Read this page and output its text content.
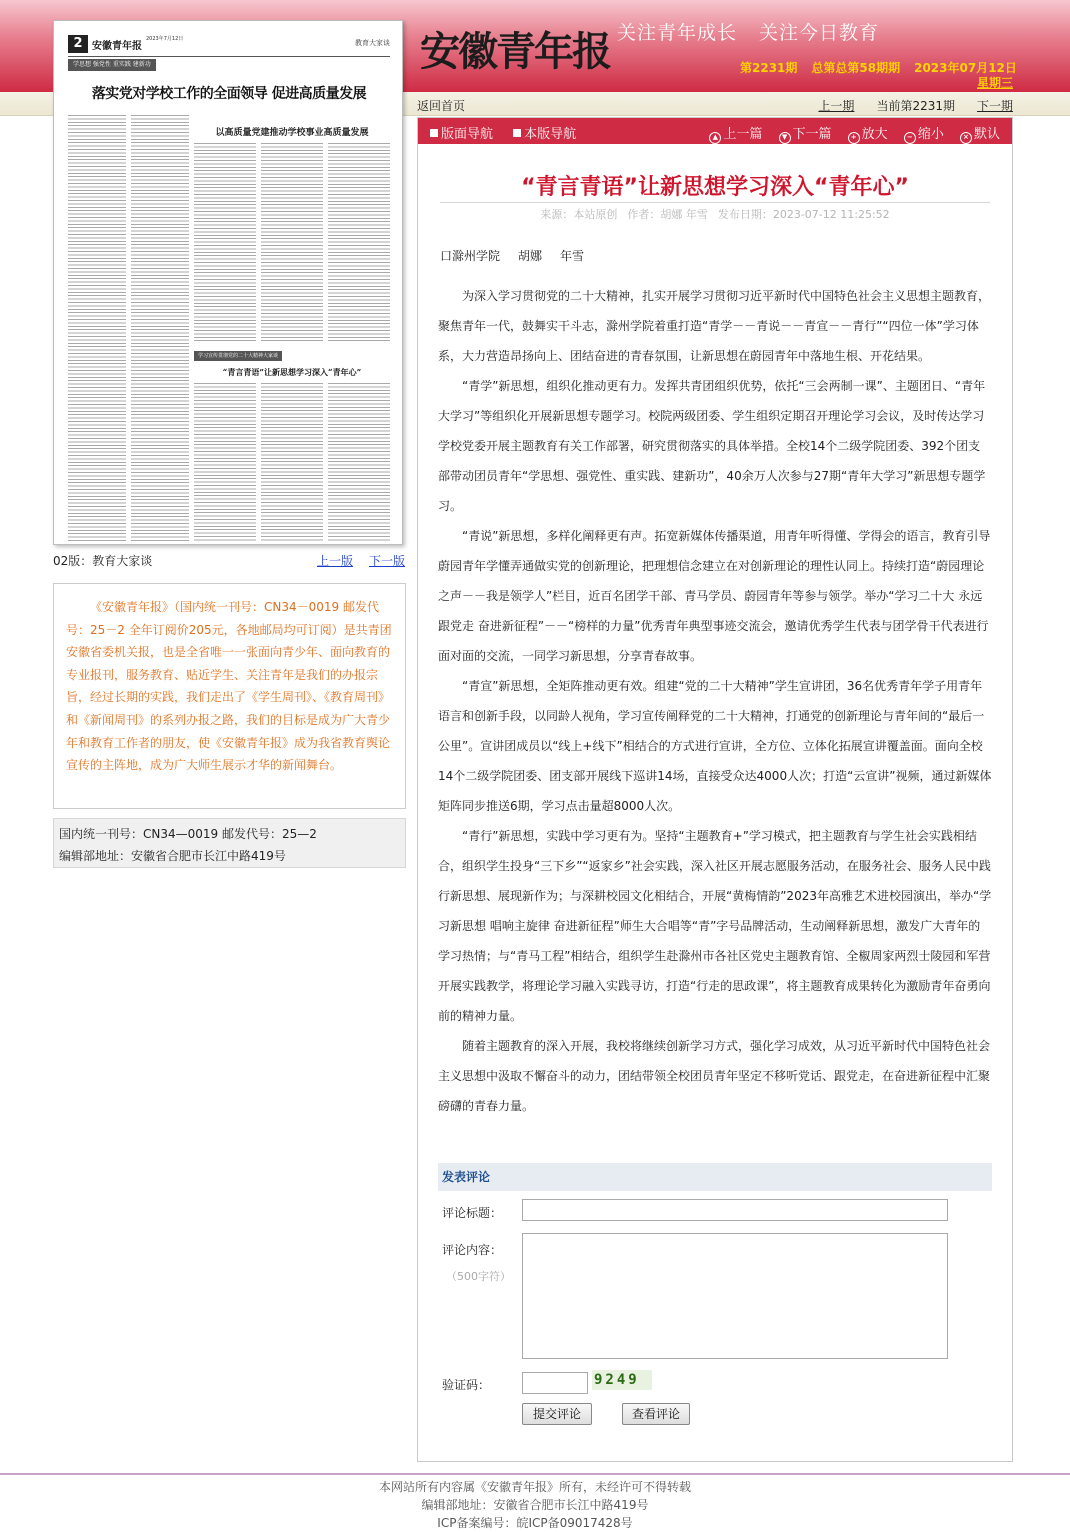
安徽青年报 关注青年成长 关注今日教育
第2231期 总第总第58期期 2023年07月12日
星期三
返回首页	上一期 当前第2231期 下一期
2 安徽青年报
2023年7月12日	教育大家谈
学思想 强党性 重实践 建新功
落实党对学校工作的全面领导 促进高质量发展
以高质量党建推动学校事业高质量发展
学习宣传贯彻党的二十大精神大家谈
“青言青语”让新思想学习深入“青年心”
02版：教育大家谈	上一版 下一版
《安徽青年报》（国内统一刊号：CN34－0019 邮发代号：25－2 全年订阅价205元，各地邮局均可订阅）是共青团安徽省委机关报，也是全省唯一一张面向青少年、面向教育的专业报刊，服务教育、贴近学生、关注青年是我们的办报宗旨，经过长期的实践，我们走出了《学生周刊》、《教育周刊》和《新闻周刊》的系列办报之路，我们的目标是成为广大青少年和教育工作者的朋友，使《安徽青年报》成为我省教育舆论宣传的主阵地，成为广大师生展示才华的新闻舞台。
国内统一刊号：CN34—0019 邮发代号：25—2
编辑部地址：安徽省合肥市长江中路419号
版面导航 本版导航	▲ 上一篇	▼ 下一篇	+ 放大	− 缩小	× 默认
“青言青语”让新思想学习深入“青年心”
来源：本站原创 作者：胡娜 年雪 发布日期：2023-07-12 11:25:52
口滁州学院 胡娜 年雪

为深入学习贯彻党的二十大精神，扎实开展学习贯彻习近平新时代中国特色社会主义思想主题教育，聚焦青年一代，鼓舞实干斗志，滁州学院着重打造“青学－－青说－－青宣－－青行”“四位一体”学习体系，大力营造昂扬向上、团结奋进的青春氛围，让新思想在蔚园青年中落地生根、开花结果。

“青学”新思想，组织化推动更有力。发挥共青团组织优势，依托“三会两制一课”、主题团日、“青年大学习”等组织化开展新思想专题学习。校院两级团委、学生组织定期召开理论学习会议，及时传达学习学校党委开展主题教育有关工作部署，研究贯彻落实的具体举措。全校14个二级学院团委、392个团支部带动团员青年“学思想、强党性、重实践、建新功”，40余万人次参与27期“青年大学习”新思想专题学习。

“青说”新思想，多样化阐释更有声。拓宽新媒体传播渠道，用青年听得懂、学得会的语言，教育引导蔚园青年学懂弄通做实党的创新理论，把理想信念建立在对创新理论的理性认同上。持续打造“蔚园理论之声－－我是领学人”栏目，近百名团学干部、青马学员、蔚园青年等参与领学。举办“学习二十大 永远跟党走 奋进新征程”－－“榜样的力量”优秀青年典型事迹交流会，邀请优秀学生代表与团学骨干代表进行面对面的交流，一同学习新思想，分享青春故事。

“青宣”新思想，全矩阵推动更有效。组建“党的二十大精神”学生宣讲团，36名优秀青年学子用青年语言和创新手段，以同龄人视角，学习宣传阐释党的二十大精神，打通党的创新理论与青年间的“最后一公里”。宣讲团成员以“线上+线下”相结合的方式进行宣讲，全方位、立体化拓展宣讲覆盖面。面向全校14个二级学院团委、团支部开展线下巡讲14场，直接受众达4000人次；打造“云宣讲”视频，通过新媒体矩阵同步推送6期，学习点击量超8000人次。

“青行”新思想，实践中学习更有为。坚持“主题教育+”学习模式，把主题教育与学生社会实践相结合，组织学生投身“三下乡”“返家乡”社会实践，深入社区开展志愿服务活动，在服务社会、服务人民中践行新思想、展现新作为；与深耕校园文化相结合，开展“黄梅情韵”2023年高雅艺术进校园演出，举办“学习新思想 唱响主旋律 奋进新征程”师生大合唱等“青”字号品牌活动，生动阐释新思想，激发广大青年的学习热情；与“青马工程”相结合，组织学生赴滁州市各社区党史主题教育馆、全椒周家两烈士陵园和军营开展实践教学，将理论学习融入实践寻访，打造“行走的思政课”，将主题教育成果转化为激励青年奋勇向前的精神力量。

随着主题教育的深入开展，我校将继续创新学习方式，强化学习成效，从习近平新时代中国特色社会主义思想中汲取不懈奋斗的动力，团结带领全校团员青年坚定不移听党话、跟党走，在奋进新征程中汇聚磅礴的青春力量。

发表评论
评论标题：
评论内容：
（500字符）
验证码：	9249
提交评论	查看评论
本网站所有内容属《安徽青年报》所有，未经许可不得转载
编辑部地址：安徽省合肥市长江中路419号
ICP备案编号：皖ICP备09017428号
